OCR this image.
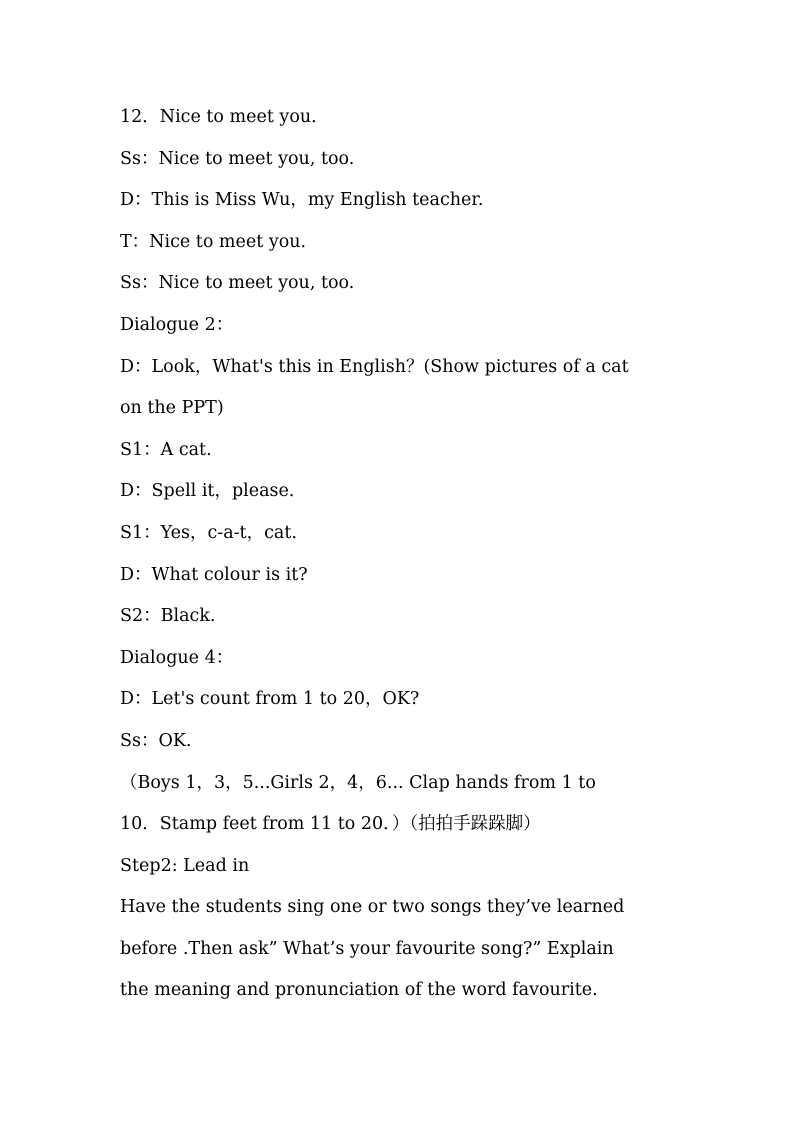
12．Nice to meet you．
Ss：Nice to meet you, too.
D：This is Miss Wu，my English teacher.
T：Nice to meet you．
Ss：Nice to meet you, too.
Dialogue 2：
D：Look，What's this in English？(Show pictures of a cat
on the PPT)
S1：A cat.
D：Spell it，please．
S1：Yes，c-a-t，cat.
D：What colour is it?
S2：Black.
Dialogue 4：
D：Let's count from 1 to 20，OK?
Ss：OK.
（Boys 1，3，5...Girls 2，4，6... Clap hands from 1 to
10．Stamp feet from 11 to 20．）（拍拍手跺跺脚）
Step2: Lead in
Have the students sing one or two songs they’ve learned
before .Then ask” What’s your favourite song?” Explain
the meaning and pronunciation of the word favourite.
